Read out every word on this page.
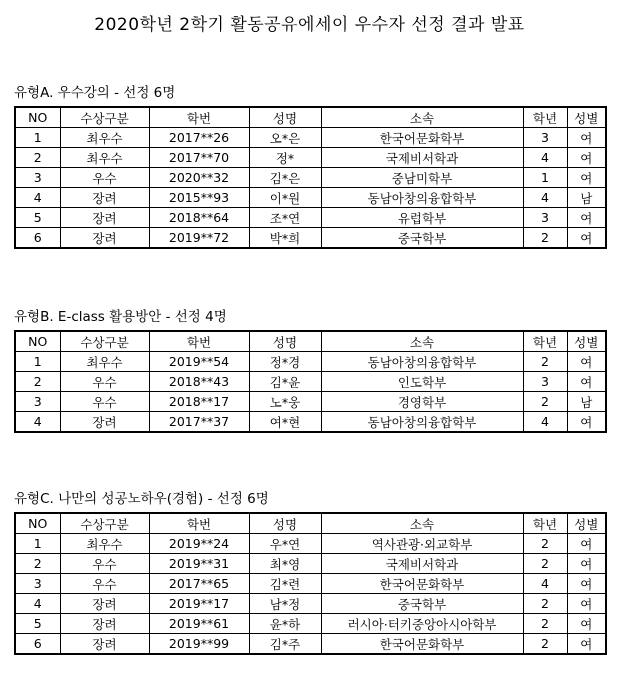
2020학년 2학기 활동공유에세이 우수자 선정 결과 발표
유형A. 우수강의 - 선정 6명
NO	수상구분	학번	성명	소속	학년	성별
1	최우수	2017**26	오*은	한국어문화학부	3	여
2	최우수	2017**70	정*	국제비서학과	4	여
3	우수	2020**32	김*은	중남미학부	1	여
4	장려	2015**93	이*원	동남아창의융합학부	4	남
5	장려	2018**64	조*연	유럽학부	3	여
6	장려	2019**72	박*희	중국학부	2	여
유형B. E-class 활용방안 - 선정 4명
NO	수상구분	학번	성명	소속	학년	성별
1	최우수	2019**54	정*경	동남아창의융합학부	2	여
2	우수	2018**43	김*윤	인도학부	3	여
3	우수	2018**17	노*웅	경영학부	2	남
4	장려	2017**37	여*현	동남아창의융합학부	4	여
유형C. 나만의 성공노하우(경험) - 선정 6명
NO	수상구분	학번	성명	소속	학년	성별
1	최우수	2019**24	우*연	역사관광·외교학부	2	여
2	우수	2019**31	최*영	국제비서학과	2	여
3	우수	2017**65	김*련	한국어문화학부	4	여
4	장려	2019**17	남*정	중국학부	2	여
5	장려	2019**61	윤*하	러시아·터키중앙아시아학부	2	여
6	장려	2019**99	김*주	한국어문화학부	2	여
